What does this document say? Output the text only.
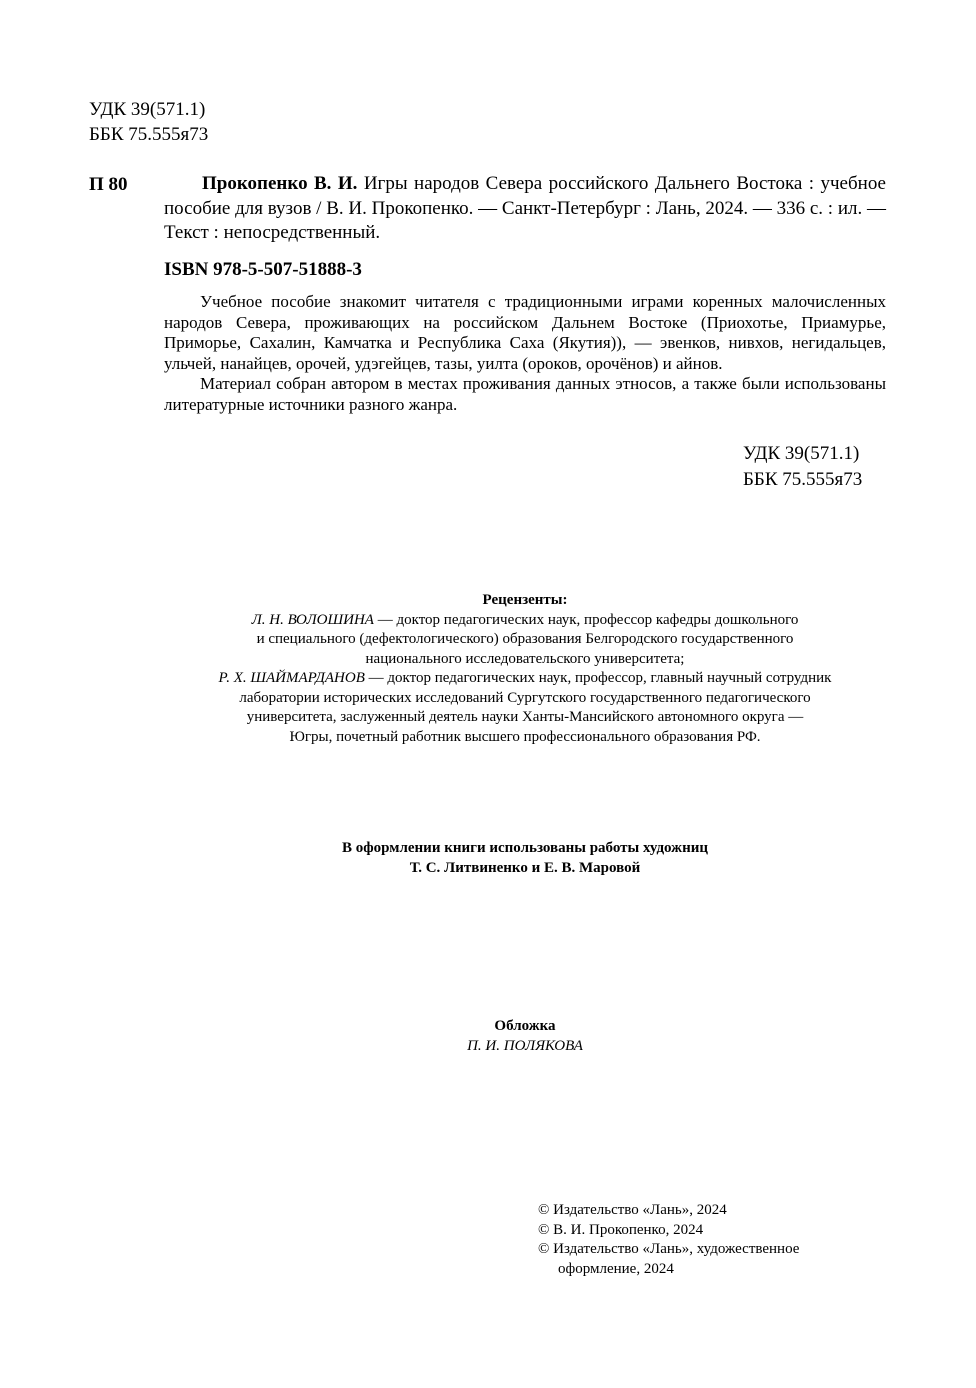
УДК 39(571.1)
ББК 75.555я73
П 80	Прокопенко В. И. Игры народов Севера российского Дальнего Востока : учебное пособие для вузов / В. И. Прокопенко. — Санкт-Петербург : Лань, 2024. — 336 с. : ил. — Текст : непосредственный.
ISBN 978-5-507-51888-3

Учебное пособие знакомит читателя с традиционными играми коренных малочисленных народов Севера, проживающих на российском Дальнем Востоке (Приохотье, Приамурье, Приморье, Сахалин, Камчатка и Республика Саха (Якутия)), — эвенков, нивхов, негидальцев, ульчей, нанайцев, орочей, удэгейцев, тазы, уилта (ороков, орочёнов) и айнов.

Материал собран автором в местах проживания данных этносов, а также были использованы литературные источники разного жанра.

УДК 39(571.1)
ББК 75.555я73
Рецензенты:
Л. Н. ВОЛОШИНА — доктор педагогических наук, профессор кафедры дошкольного
и специального (дефектологического) образования Белгородского государственного
национального исследовательского университета;
Р. Х. ШАЙМАРДАНОВ — доктор педагогических наук, профессор, главный научный сотрудник
лаборатории исторических исследований Сургутского государственного педагогического
университета, заслуженный деятель науки Ханты-Мансийского автономного округа —
Югры, почетный работник высшего профессионального образования РФ.
В оформлении книги использованы работы художниц
Т. С. Литвиненко и Е. В. Маровой
Обложка
П. И. ПОЛЯКОВА
© Издательство «Лань», 2024
© В. И. Прокопенко, 2024
© Издательство «Лань», художественное
оформление, 2024
